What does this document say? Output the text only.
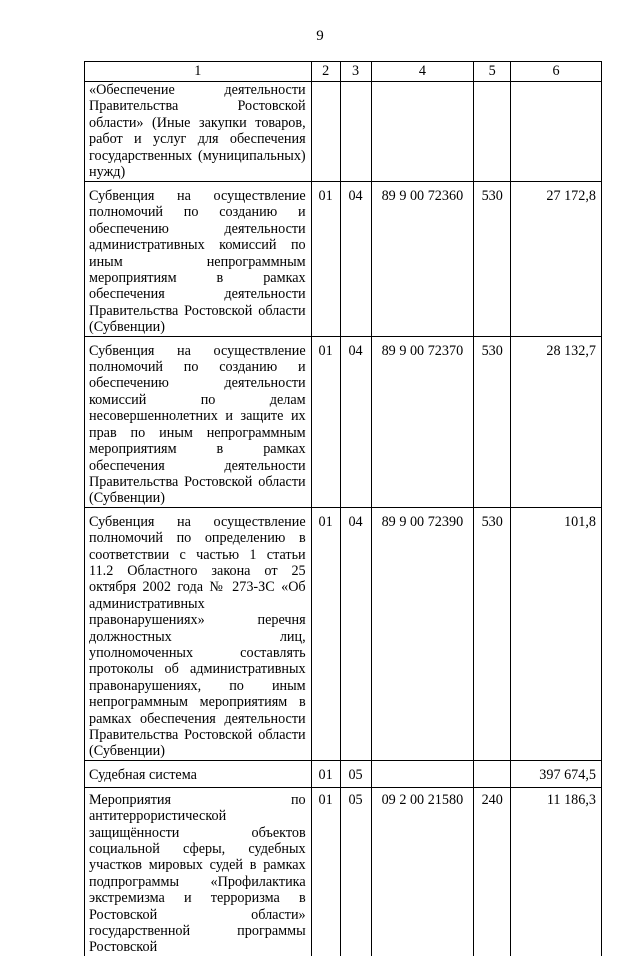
9
1	2	3	4	5	6
«Обеспечение деятельности Правительства Ростовской области» (Иные закупки товаров, работ и услуг для обеспечения государственных (муниципальных) нужд)					
Субвенция на осуществление полномочий по созданию и обеспечению деятельности административных комиссий по иным непрограммным мероприятиям в рамках обеспечения деятельности Правительства Ростовской области (Субвенции)	01	04	89 9 00 72360	530	27 172,8
Субвенция на осуществление полномочий по созданию и обеспечению деятельности комиссий по делам несовершеннолетних и защите их прав по иным непрограммным мероприятиям в рамках обеспечения деятельности Правительства Ростовской области (Субвенции)	01	04	89 9 00 72370	530	28 132,7
Субвенция на осуществление полномочий по определению в соответствии с частью 1 статьи 11.2 Областного закона от 25 октября 2002 года № 273-ЗС «Об административных правонарушениях» перечня должностных лиц, уполномоченных составлять протоколы об административных правонарушениях, по иным непрограммным мероприятиям в рамках обеспечения деятельности Правительства Ростовской области (Субвенции)	01	04	89 9 00 72390	530	101,8
Судебная система	01	05			397 674,5
Мероприятия по антитеррористической защищённости объектов социальной сферы, судебных участков мировых судей в рамках подпрограммы «Профилактика экстремизма и терроризма в Ростовской области» государственной программы Ростовской	01	05	09 2 00 21580	240	11 186,3
